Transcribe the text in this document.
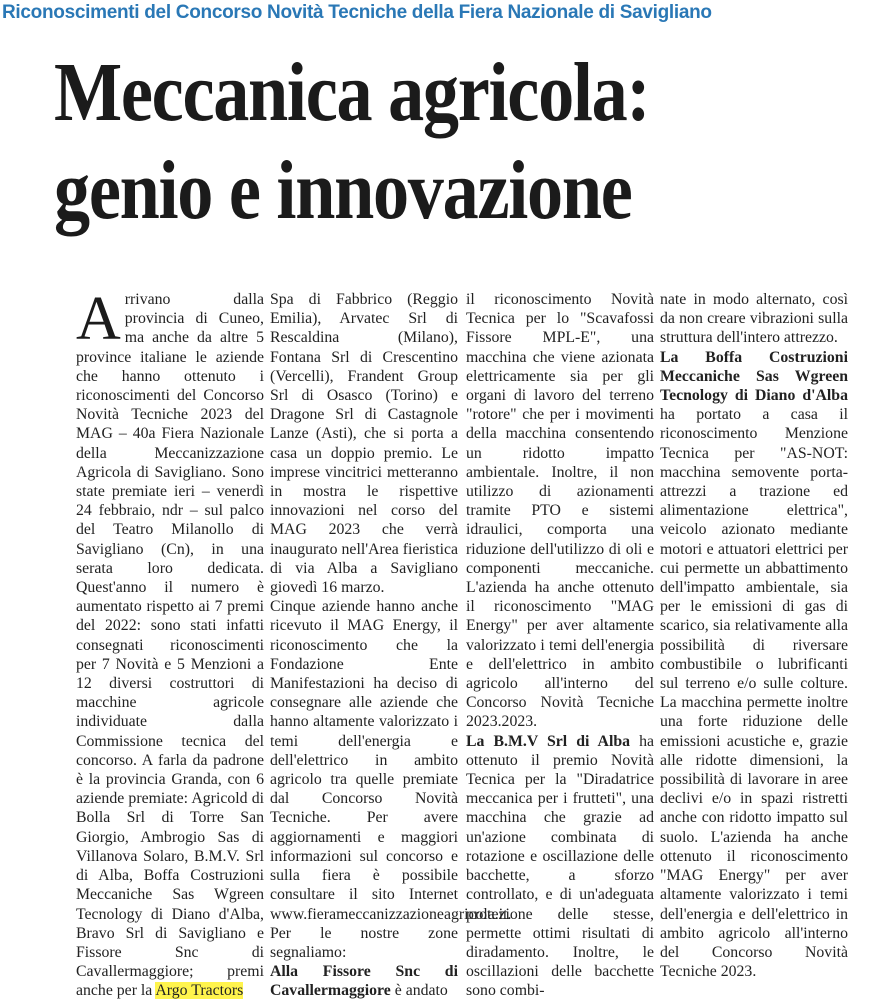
Riconoscimenti del Concorso Novità Tecniche della Fiera Nazionale di Savigliano
Meccanica agricola:
genio e innovazione

Arrivano dalla provincia di Cuneo, ma anche da altre 5 province italiane le aziende che hanno ottenuto i riconoscimenti del Concorso Novità Tecniche 2023 del MAG – 40a Fiera Nazionale della Meccanizzazione Agricola di Savigliano. Sono state premiate ieri – venerdì 24 febbraio, ndr – sul palco del Teatro Milanollo di Savigliano (Cn), in una serata loro dedicata. Quest'anno il numero è aumentato rispetto ai 7 premi del 2022: sono stati infatti consegnati riconoscimenti per 7 Novità e 5 Menzioni a 12 diversi costruttori di macchine agricole individuate dalla Commissione tecnica del concorso. A farla da padrone è la provincia Granda, con 6 aziende premiate: Agricold di Bolla Srl di Torre San Giorgio, Ambrogio Sas di Villanova Solaro, B.M.V. Srl di Alba, Boffa Costruzioni Meccaniche Sas Wgreen Tecnology di Diano d'Alba, Bravo Srl di Savigliano e Fissore Snc di Cavallermaggiore; premi anche per la Argo Tractors

Spa di Fabbrico (Reggio Emilia), Arvatec Srl di Rescaldina (Milano), Fontana Srl di Crescentino (Vercelli), Frandent Group Srl di Osasco (Torino) e Dragone Srl di Castagnole Lanze (Asti), che si porta a casa un doppio premio. Le imprese vincitrici metteranno in mostra le rispettive innovazioni nel corso del MAG 2023 che verrà inaugurato nell'Area fieristica di via Alba a Savigliano giovedì 16 marzo.

Cinque aziende hanno anche ricevuto il MAG Energy, il riconoscimento che la Fondazione Ente Manifestazioni ha deciso di consegnare alle aziende che hanno altamente valorizzato i temi dell'energia e dell'elettrico in ambito agricolo tra quelle premiate dal Concorso Novità Tecniche. Per avere aggiornamenti e maggiori informazioni sul concorso e sulla fiera è possibile consultare il sito Internet www.fierameccanizzazioneagricola.it.

Per le nostre zone segnaliamo:

Alla Fissore Snc di Cavallermaggiore è andato

il riconoscimento Novità Tecnica per lo "Scavafossi Fissore MPL-E", una macchina che viene azionata elettricamente sia per gli organi di lavoro del terreno "rotore" che per i movimenti della macchina consentendo un ridotto impatto ambientale. Inoltre, il non utilizzo di azionamenti tramite PTO e sistemi idraulici, comporta una riduzione dell'utilizzo di oli e componenti meccaniche. L'azienda ha anche ottenuto il riconoscimento "MAG Energy" per aver altamente valorizzato i temi dell'energia e dell'elettrico in ambito agricolo all'interno del Concorso Novità Tecniche 2023.2023.

La B.M.V Srl di Alba ha ottenuto il premio Novità Tecnica per la "Diradatrice meccanica per i frutteti", una macchina che grazie ad un'azione combinata di rotazione e oscillazione delle bacchette, a sforzo controllato, e di un'adeguata protezione delle stesse, permette ottimi risultati di diradamento. Inoltre, le oscillazioni delle bacchette sono combi-

nate in modo alternato, così da non creare vibrazioni sulla struttura dell'intero attrezzo.

La Boffa Costruzioni Meccaniche Sas Wgreen Tecnology di Diano d'Alba ha portato a casa il riconoscimento Menzione Tecnica per "AS-NOT: macchina semovente porta-attrezzi a trazione ed alimentazione elettrica", veicolo azionato mediante motori e attuatori elettrici per cui permette un abbattimento dell'impatto ambientale, sia per le emissioni di gas di scarico, sia relativamente alla possibilità di riversare combustibile o lubrificanti sul terreno e/o sulle colture. La macchina permette inoltre una forte riduzione delle emissioni acustiche e, grazie alle ridotte dimensioni, la possibilità di lavorare in aree declivi e/o in spazi ristretti anche con ridotto impatto sul suolo. L'azienda ha anche ottenuto il riconoscimento "MAG Energy" per aver altamente valorizzato i temi dell'energia e dell'elettrico in ambito agricolo all'interno del Concorso Novità Tecniche 2023.
